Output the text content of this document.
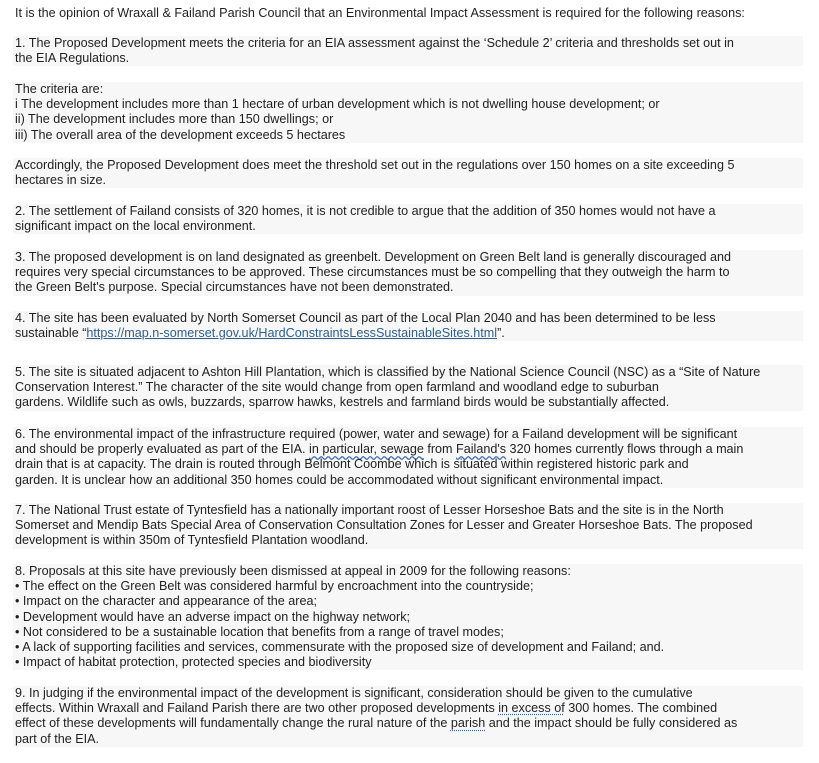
It is the opinion of Wraxall & Failand Parish Council that an Environmental Impact Assessment is required for the following reasons:
1. The Proposed Development meets the criteria for an EIA assessment against the ‘Schedule 2’ criteria and thresholds set out in
the EIA Regulations.
The criteria are:
i The development includes more than 1 hectare of urban development which is not dwelling house development; or
ii) The development includes more than 150 dwellings; or
iii) The overall area of the development exceeds 5 hectares
Accordingly, the Proposed Development does meet the threshold set out in the regulations over 150 homes on a site exceeding 5
hectares in size.
2. The settlement of Failand consists of 320 homes, it is not credible to argue that the addition of 350 homes would not have a
significant impact on the local environment.
3. The proposed development is on land designated as greenbelt. Development on Green Belt land is generally discouraged and
requires very special circumstances to be approved. These circumstances must be so compelling that they outweigh the harm to
the Green Belt's purpose. Special circumstances have not been demonstrated.
4. The site has been evaluated by North Somerset Council as part of the Local Plan 2040 and has been determined to be less
sustainable “https://map.n-somerset.gov.uk/HardConstraintsLessSustainableSites.html”.
5. The site is situated adjacent to Ashton Hill Plantation, which is classified by the National Science Council (NSC) as a “Site of Nature
Conservation Interest.” The character of the site would change from open farmland and woodland edge to suburban
gardens. Wildlife such as owls, buzzards, sparrow hawks, kestrels and farmland birds would be substantially affected.
6. The environmental impact of the infrastructure required (power, water and sewage) for a Failand development will be significant
and should be properly evaluated as part of the EIA. in particular, sewage from Failand's 320 homes currently flows through a main
drain that is at capacity. The drain is routed through Belmont Coombe which is situated within registered historic park and
garden. It is unclear how an additional 350 homes could be accommodated without significant environmental impact.
7. The National Trust estate of Tyntesfield has a nationally important roost of Lesser Horseshoe Bats and the site is in the North
Somerset and Mendip Bats Special Area of Conservation Consultation Zones for Lesser and Greater Horseshoe Bats. The proposed
development is within 350m of Tyntesfield Plantation woodland.
8. Proposals at this site have previously been dismissed at appeal in 2009 for the following reasons:
• The effect on the Green Belt was considered harmful by encroachment into the countryside;
• Impact on the character and appearance of the area;
• Development would have an adverse impact on the highway network;
• Not considered to be a sustainable location that benefits from a range of travel modes;
• A lack of supporting facilities and services, commensurate with the proposed size of development and Failand; and.
• Impact of habitat protection, protected species and biodiversity
9. In judging if the environmental impact of the development is significant, consideration should be given to the cumulative
effects. Within Wraxall and Failand Parish there are two other proposed developments in excess of 300 homes. The combined
effect of these developments will fundamentally change the rural nature of the parish and the impact should be fully considered as
part of the EIA.
